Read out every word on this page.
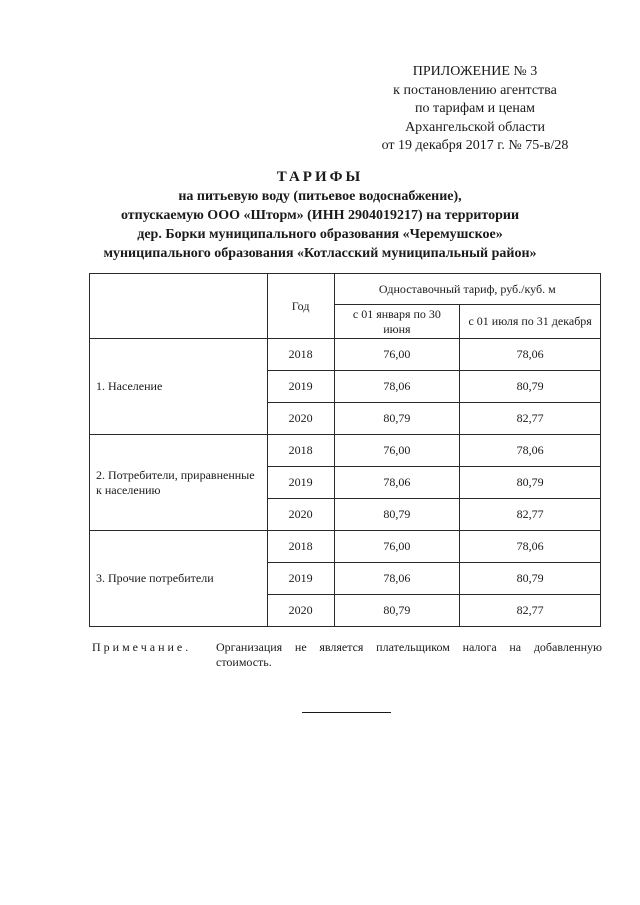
ПРИЛОЖЕНИЕ № 3
к постановлению агентства
по тарифам и ценам
Архангельской области
от 19 декабря 2017 г. № 75-в/28
ТАРИФЫ
на питьевую воду (питьевое водоснабжение),
отпускаемую ООО «Шторм» (ИНН 2904019217) на территории
дер. Борки муниципального образования «Черемушское»
муниципального образования «Котласский муниципальный район»
	Год	Одноставочный тариф, руб./куб. м	
		с 01 января по 30 июня	с 01 июля по 31 декабря
1. Население	2018	76,00	78,06
	2019	78,06	80,79
	2020	80,79	82,77
2. Потребители, приравненные к населению	2018	76,00	78,06
	2019	78,06	80,79
	2020	80,79	82,77
3. Прочие потребители	2018	76,00	78,06
	2019	78,06	80,79
	2020	80,79	82,77
Примечание. Организация не является плательщиком налога на добавленную стоимость.
